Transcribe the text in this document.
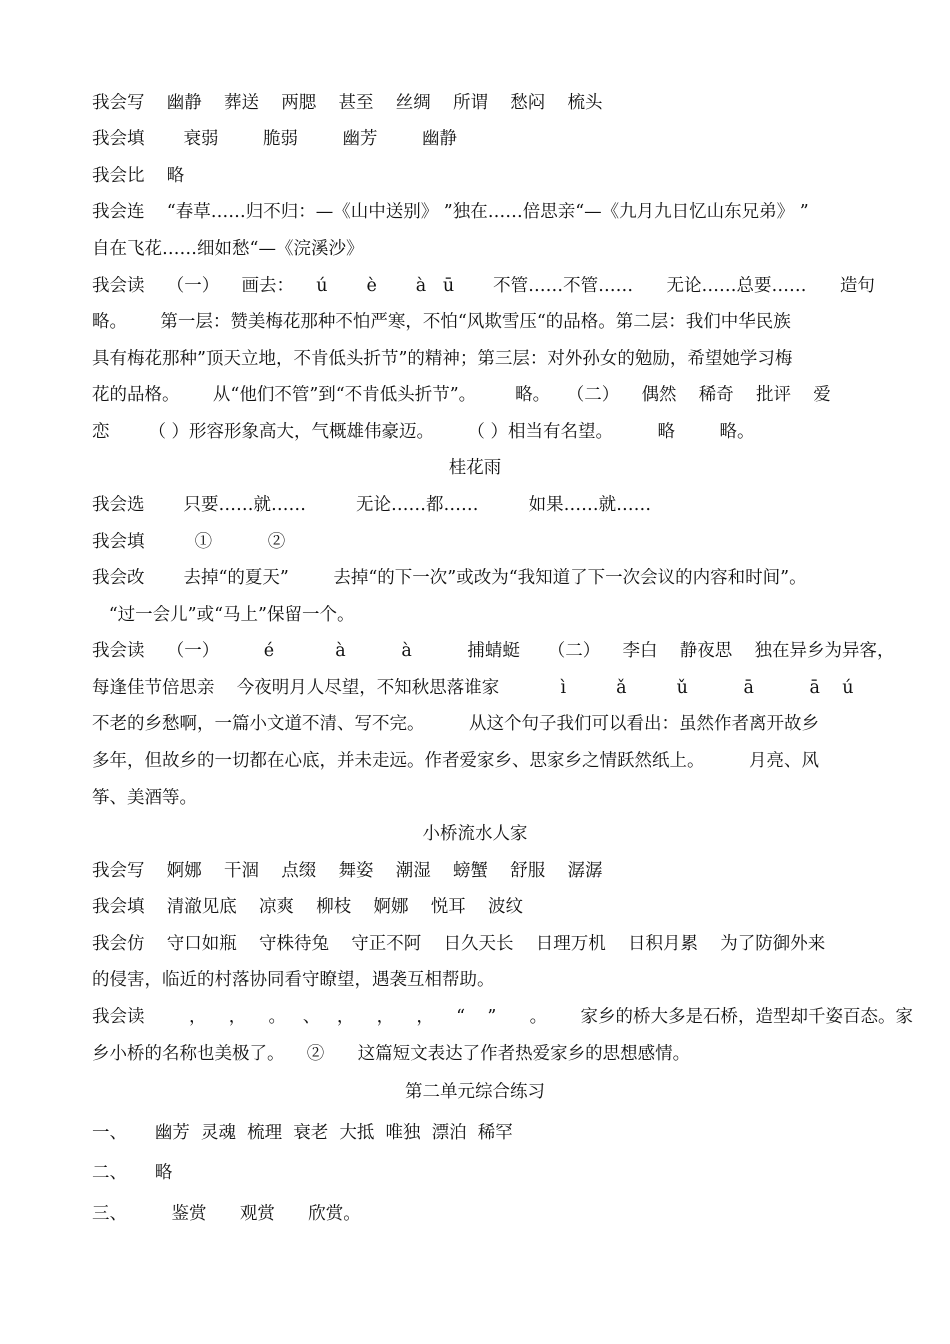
我会写    幽静    葬送    两腮    甚至    丝绸    所谓    愁闷    梳头
我会填       衰弱        脆弱        幽芳        幽静
我会比    略
我会连    “春草……归不归：—《山中送别》 ”独在……倍思亲“—《九月九日忆山东兄弟》 ”
自在飞花……细如愁“—《浣溪沙》
我会读    （一）    画去：    ú       è       à   ū       不管……不管……      无论……总要……      造句
略。      第一层：赞美梅花那种不怕严寒，不怕“风欺雪压“的品格。第二层：我们中华民族
具有梅花那种”顶天立地，不肯低头折节”的精神；第三层：对外孙女的勉励，希望她学习梅
花的品格。      从“他们不管”到“不肯低头折节”。       略。   （二）    偶然    稀奇    批评    爱
恋       （ ）形容形象高大，气概雄伟豪迈。      （ ）相当有名望。        略        略。
桂花雨
我会选       只要……就……         无论……都……         如果……就……
我会填         ①          ②
我会改       去掉“的夏天”        去掉“的下一次”或改为“我知道了下一次会议的内容和时间”。
“过一会儿”或“马上”保留一个。
我会读    （一）        é           à          à          捕蜻蜓     （二）    李白    静夜思    独在异乡为异客，
每逢佳节倍思亲    今夜明月人尽望，不知秋思落谁家           ì         ǎ         ǔ          ā          ā    ú
不老的乡愁啊，一篇小文道不清、写不完。        从这个句子我们可以看出：虽然作者离开故乡
多年，但故乡的一切都在心底，并未走远。作者爱家乡、思家乡之情跃然纸上。        月亮、风
筝、美酒等。
小桥流水人家
我会写    婀娜    干涸    点缀    舞姿    潮湿    螃蟹    舒服    潺潺
我会填    清澈见底    凉爽    柳枝    婀娜    悦耳    波纹
我会仿    守口如瓶    守株待兔    守正不阿    日久天长    日理万机    日积月累    为了防御外来
的侵害，临近的村落协同看守瞭望，遇袭互相帮助。
我会读        ，    ，    。   、   ，    ，    ，    “    ”      。      家乡的桥大多是石桥，造型却千姿百态。家
乡小桥的名称也美极了。    ②      这篇短文表达了作者热爱家乡的思想感情。
第二单元综合练习
一、     幽芳  灵魂  梳理  衰老  大抵  唯独  漂泊  稀罕
二、     略
三、        鉴赏      观赏      欣赏。
